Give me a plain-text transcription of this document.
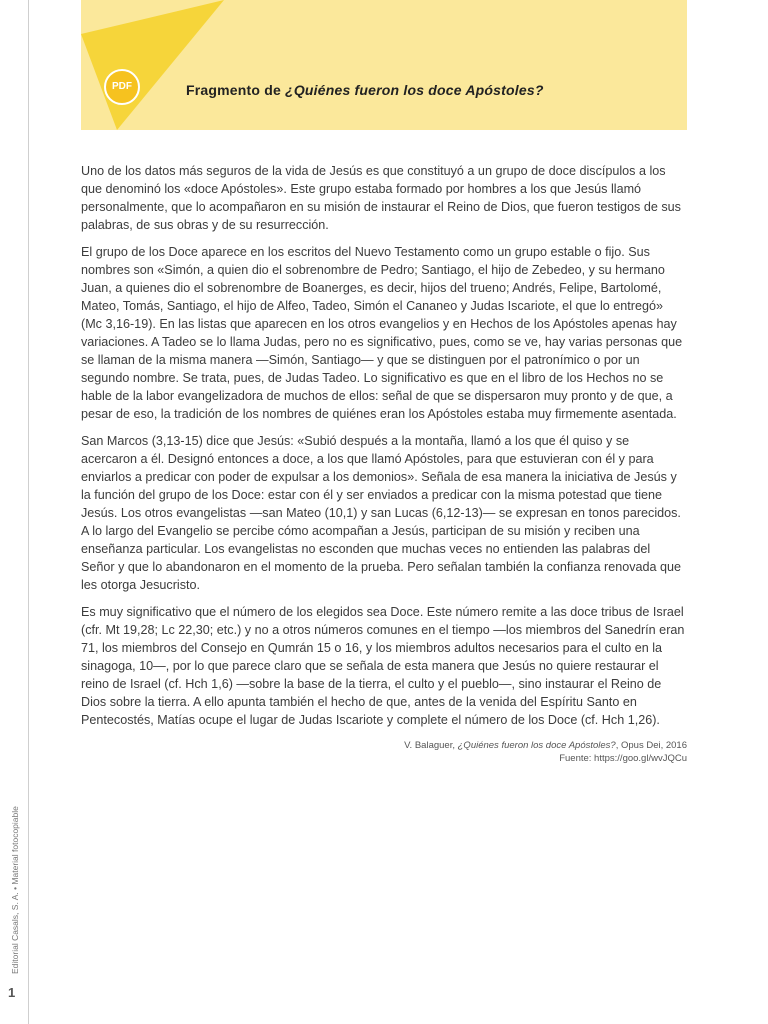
PDF	Fragmento de ¿Quiénes fueron los doce Apóstoles?

Uno de los datos más seguros de la vida de Jesús es que constituyó a un grupo de doce discípulos a los que denominó los «doce Apóstoles». Este grupo estaba formado por hombres a los que Jesús llamó personalmente, que lo acompañaron en su misión de instaurar el Reino de Dios, que fueron testigos de sus palabras, de sus obras y de su resurrección.

El grupo de los Doce aparece en los escritos del Nuevo Testamento como un grupo estable o fijo. Sus nombres son «Simón, a quien dio el sobrenombre de Pedro; Santiago, el hijo de Zebedeo, y su hermano Juan, a quienes dio el sobrenombre de Boanerges, es decir, hijos del trueno; Andrés, Felipe, Bartolomé, Mateo, Tomás, Santiago, el hijo de Alfeo, Tadeo, Simón el Cananeo y Judas Iscariote, el que lo entregó» (Mc 3,16-19). En las listas que aparecen en los otros evangelios y en Hechos de los Apóstoles apenas hay variaciones. A Tadeo se lo llama Judas, pero no es significativo, pues, como se ve, hay varias personas que se llaman de la misma manera —Simón, Santiago— y que se distinguen por el patronímico o por un segundo nombre. Se trata, pues, de Judas Tadeo. Lo significativo es que en el libro de los Hechos no se hable de la labor evangelizadora de muchos de ellos: señal de que se dispersaron muy pronto y de que, a pesar de eso, la tradición de los nombres de quiénes eran los Apóstoles estaba muy firmemente asentada.

San Marcos (3,13-15) dice que Jesús: «Subió después a la montaña, llamó a los que él quiso y se acercaron a él. Designó entonces a doce, a los que llamó Apóstoles, para que estuvieran con él y para enviarlos a predicar con poder de expulsar a los demonios». Señala de esa manera la iniciativa de Jesús y la función del grupo de los Doce: estar con él y ser enviados a predicar con la misma potestad que tiene Jesús. Los otros evangelistas —san Mateo (10,1) y san Lucas (6,12-13)— se expresan en tonos parecidos. A lo largo del Evangelio se percibe cómo acompañan a Jesús, participan de su misión y reciben una enseñanza particular. Los evangelistas no esconden que muchas veces no entienden las palabras del Señor y que lo abandonaron en el momento de la prueba. Pero señalan también la confianza renovada que les otorga Jesucristo.

Es muy significativo que el número de los elegidos sea Doce. Este número remite a las doce tribus de Israel (cfr. Mt 19,28; Lc 22,30; etc.) y no a otros números comunes en el tiempo —los miembros del Sanedrín eran 71, los miembros del Consejo en Qumrán 15 o 16, y los miembros adultos necesarios para el culto en la sinagoga, 10—, por lo que parece claro que se señala de esta manera que Jesús no quiere restaurar el reino de Israel (cf. Hch 1,6) —sobre la base de la tierra, el culto y el pueblo—, sino instaurar el Reino de Dios sobre la tierra. A ello apunta también el hecho de que, antes de la venida del Espíritu Santo en Pentecostés, Matías ocupe el lugar de Judas Iscariote y complete el número de los Doce (cf. Hch 1,26).

V. Balaguer, ¿Quiénes fueron los doce Apóstoles?, Opus Dei, 2016
Fuente: https://goo.gl/wvJQCu
Editorial Casals, S. A. • Material fotocopiable
1
